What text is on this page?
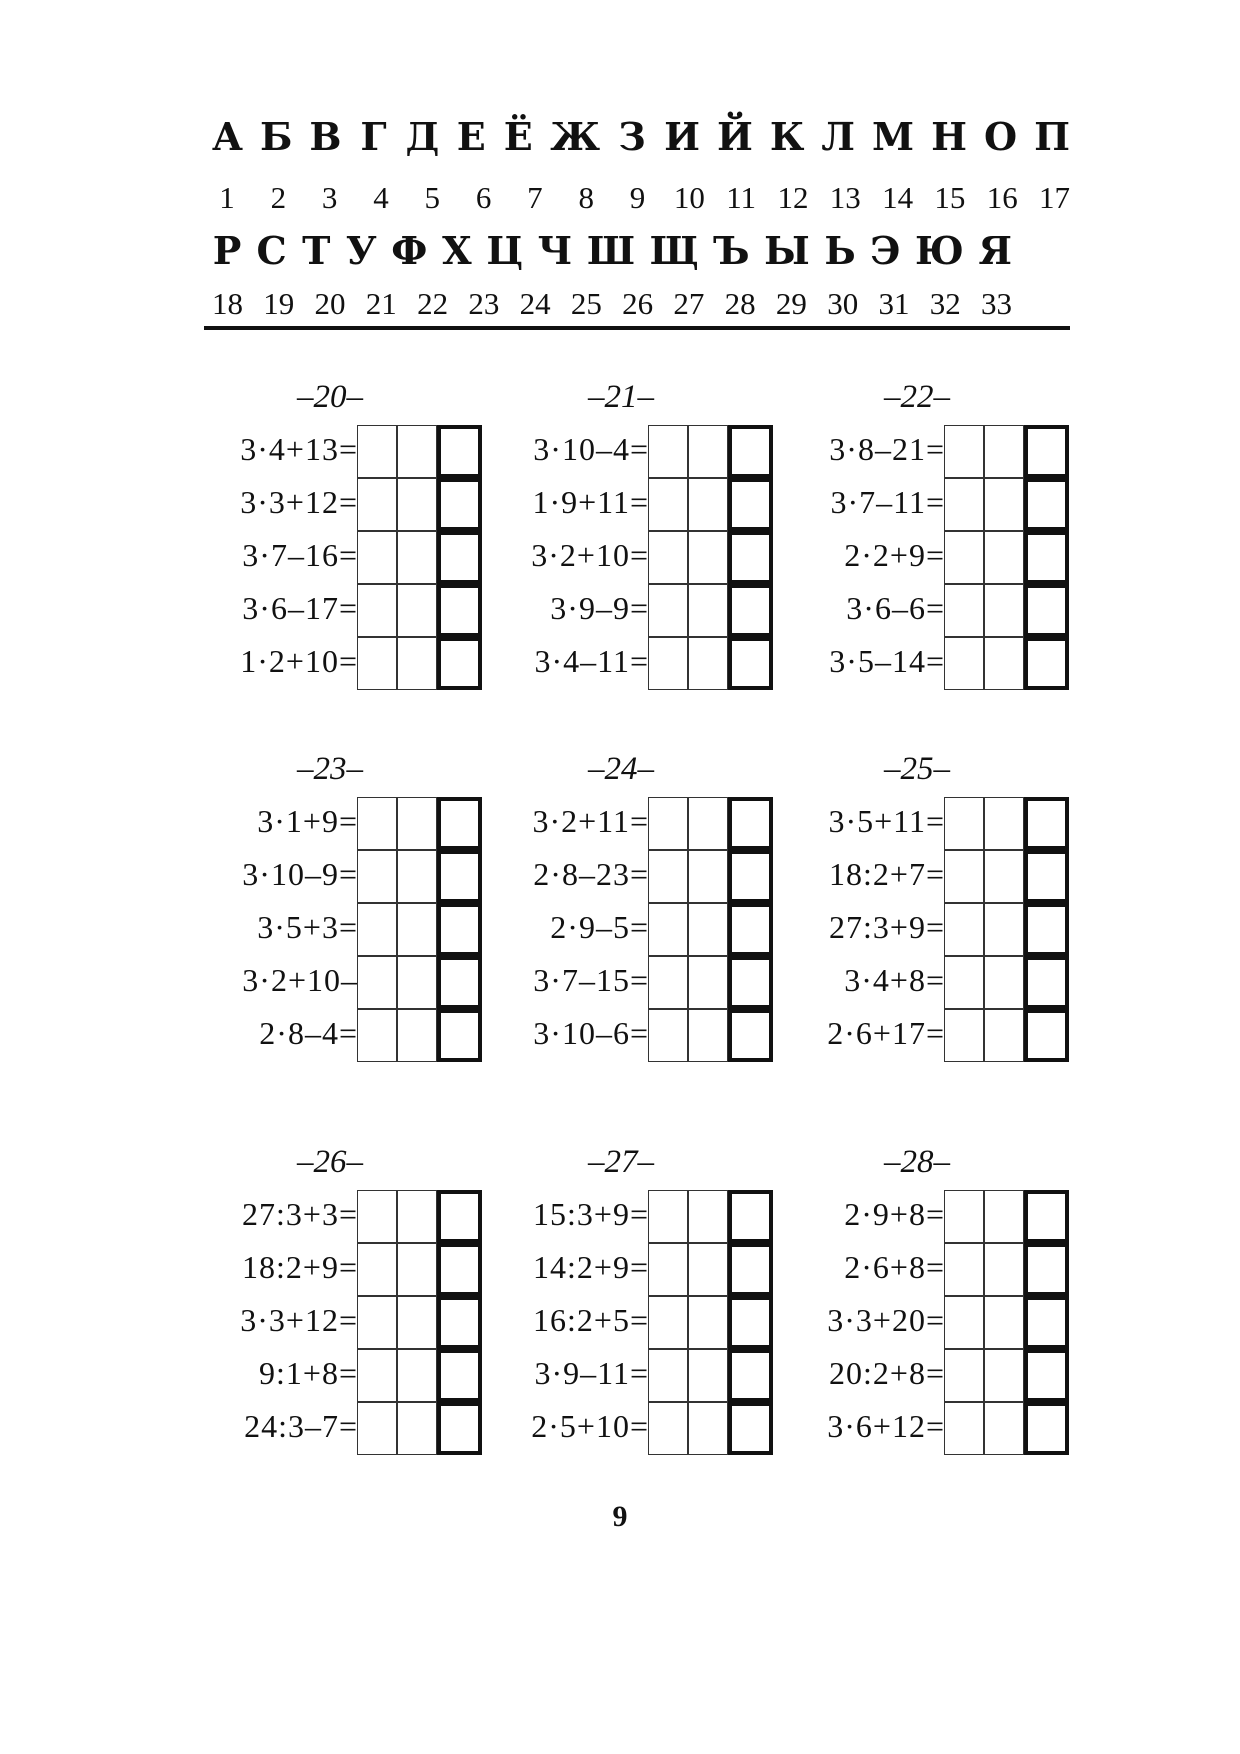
А Б В Г Д Е Ё Ж З И Й К Л М Н О П
1 2 3 4 5 6 7 8 9 10 11 12 13 14 15 16 17
Р С Т У Ф Х Ц Ч Ш Щ Ъ Ы Ь Э Ю Я
18 19 20 21 22 23 24 25 26 27 28 29 30 31 32 33
–20–
3·4+13=
3·3+12=
3·7–16=
3·6–17=
1·2+10=
–21–
3·10–4=
1·9+11=
3·2+10=
3·9–9=
3·4–11=
–22–
3·8–21=
3·7–11=
2·2+9=
3·6–6=
3·5–14=
–23–
3·1+9=
3·10–9=
3·5+3=
3·2+10–
2·8–4=
–24–
3·2+11=
2·8–23=
2·9–5=
3·7–15=
3·10–6=
–25–
3·5+11=
18:2+7=
27:3+9=
3·4+8=
2·6+17=
–26–
27:3+3=
18:2+9=
3·3+12=
9:1+8=
24:3–7=
–27–
15:3+9=
14:2+9=
16:2+5=
3·9–11=
2·5+10=
–28–
2·9+8=
2·6+8=
3·3+20=
20:2+8=
3·6+12=
9
